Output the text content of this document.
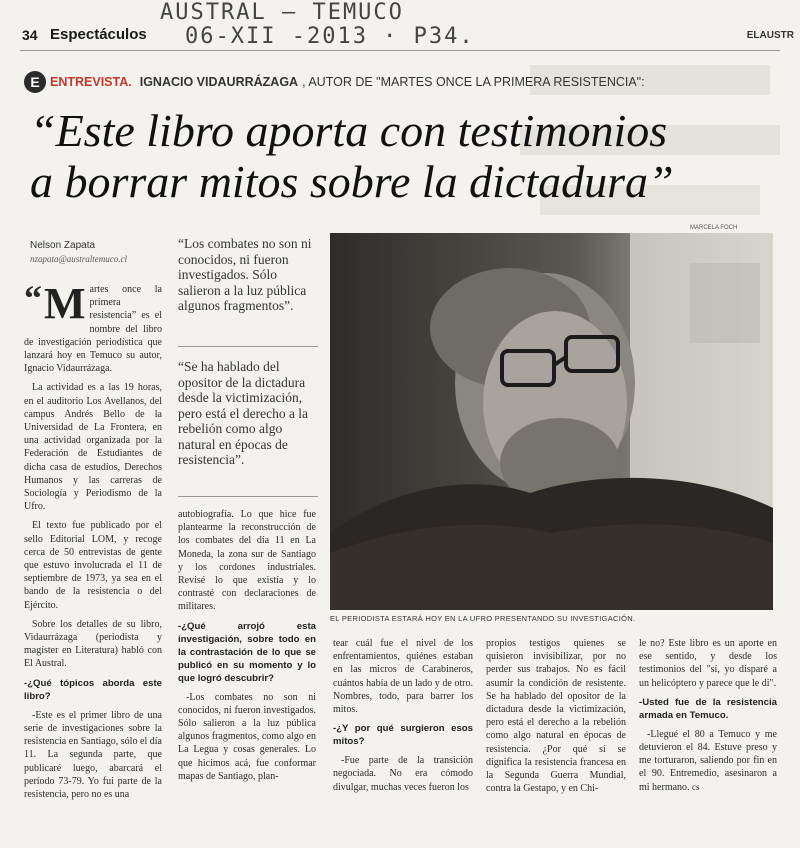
AUSTRAL — TEMUCO
06-XII -2013 · P34.
34 Espectáculos	ELAUSTR
E ENTREVISTA. IGNACIO VIDAURRÁZAGA , AUTOR DE "MARTES ONCE LA PRIMERA RESISTENCIA":
“Este libro aporta con testimonios
a borrar mitos sobre la dictadura”
Nelson Zapata
nzapata@australtemuco.cl

“ M artes once la primera resistencia” es el nombre del libro de investigación periodística que lanzará hoy en Temuco su autor, Ignacio Vidaurrázaga.

La actividad es a las 19 horas, en el auditorio Los Avellanos, del campus Andrés Bello de la Universidad de La Frontera, en una actividad organizada por la Federación de Estudiantes de dicha casa de estudios, Derechos Humanos y las carreras de Sociología y Periodismo de la Ufro.

El texto fue publicado por el sello Editorial LOM, y recoge cerca de 50 entrevistas de gente que estuvo involucrada el 11 de septiembre de 1973, ya sea en el bando de la resistencia o del Ejército.

Sobre los detalles de su libro, Vidaurrázaga (periodista y magíster en Literatura) habló con El Austral.

-¿Qué tópicos aborda este libro?

-Este es el primer libro de una serie de investigaciones sobre la resistencia en Santiago, sólo el día 11. La segunda parte, que publicaré luego, abarcará el período 73-79. Yo fui parte de la resistencia, pero no es una

“Los combates no son ni conocidos, ni fueron investigados. Sólo salieron a la luz pública algunos fragmentos”.
“Se ha hablado del opositor de la dictadura desde la victimización, pero está el derecho a la rebelión como algo natural en épocas de resistencia”.
MARCELA FOCH
EL PERIODISTA ESTARÁ HOY EN LA UFRO PRESENTANDO SU INVESTIGACIÓN.

autobiografía. Lo que hice fue plantearme la reconstrucción de los combates del día 11 en La Moneda, la zona sur de Santiago y los cordones industriales. Revisé lo que existía y lo contrasté con declaraciones de militares.

-¿Qué arrojó esta investigación, sobre todo en la contrastación de lo que se publicó en su momento y lo que logró descubrir?

-Los combates no son ni conocidos, ni fueron investigados. Sólo salieron a la luz pública algunos fragmentos, como algo en La Legua y cosas generales. Lo que hicimos acá, fue conformar mapas de Santiago, plan-

tear cuál fue el nivel de los enfrentamientos, quiénes estaban en las micros de Carabineros, cuántos había de un lado y de otro. Nombres, todo, para barrer los mitos.

-¿Y por qué surgieron esos mitos?

-Fue parte de la transición negociada. No era cómodo divulgar, muchas veces fueron los

propios testigos quienes se quisieron invisibilizar, por no perder sus trabajos. No es fácil asumir la condición de resistente. Se ha hablado del opositor de la dictadura desde la victimización, pero está el derecho a la rebelión como algo natural en épocas de resistencia. ¿Por qué sí se dignifica la resistencia francesa en la Segunda Guerra Mundial, contra la Gestapo, y en Chi-

le no? Este libro es un aporte en ese sentido, y desde los testimonios del "sí, yo disparé a un helicóptero y parece que le di".

-Usted fue de la resistencia armada en Temuco.

-Llegué el 80 a Temuco y me detuvieron el 84. Estuve preso y me torturaron, saliendo por fin en el 90. Entremedio, asesinaron a mi hermano. cs
